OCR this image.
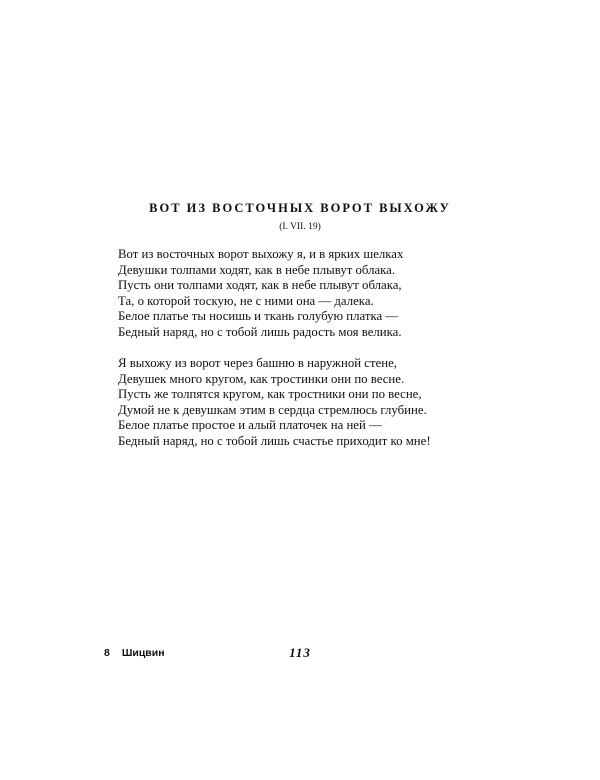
ВОТ ИЗ ВОСТОЧНЫХ ВОРОТ ВЫХОЖУ
(I. VII. 19)
Вот из восточных ворот выхожу я, и в ярких шелках
Девушки толпами ходят, как в небе плывут облака.
Пусть они толпами ходят, как в небе плывут облака,
Та, о которой тоскую, не с ними она — далека.
Белое платье ты носишь и ткань голубую платка —
Бедный наряд, но с тобой лишь радость моя велика.
Я выхожу из ворот через башню в наружной стене,
Девушек много кругом, как тростинки они по весне.
Пусть же толпятся кругом, как тростники они по весне,
Думой не к девушкам этим в сердца стремлюсь глубине.
Белое платье простое и алый платочек на ней —
Бедный наряд, но с тобой лишь счастье приходит ко мне!
8 Шицвин	113
